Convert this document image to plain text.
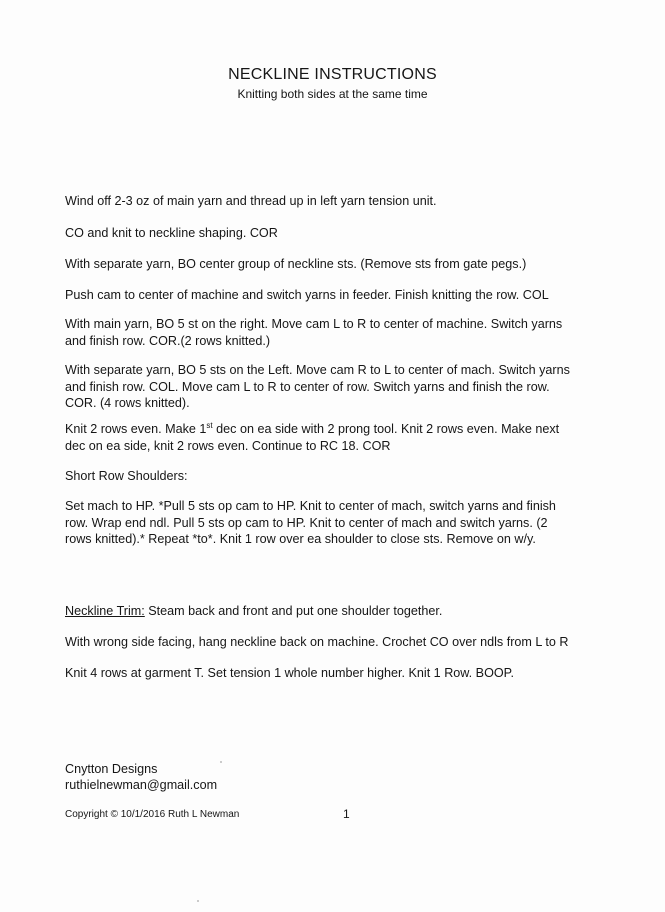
NECKLINE INSTRUCTIONS
Knitting both sides at the same time
Wind off 2-3 oz of main yarn and thread up in left yarn tension unit.
CO and knit to neckline shaping. COR
With separate yarn, BO center group of neckline sts. (Remove sts from gate pegs.)
Push cam to center of machine and switch yarns in feeder. Finish knitting the row. COL
With main yarn, BO 5 st on the right. Move cam L to R to center of machine. Switch yarns
and finish row. COR.(2 rows knitted.)
With separate yarn, BO 5 sts on the Left. Move cam R to L to center of mach. Switch yarns
and finish row. COL. Move cam L to R to center of row. Switch yarns and finish the row.
COR. (4 rows knitted).
Knit 2 rows even. Make 1st dec on ea side with 2 prong tool. Knit 2 rows even. Make next
dec on ea side, knit 2 rows even. Continue to RC 18. COR
Short Row Shoulders:
Set mach to HP. *Pull 5 sts op cam to HP. Knit to center of mach, switch yarns and finish
row. Wrap end ndl. Pull 5 sts op cam to HP. Knit to center of mach and switch yarns. (2
rows knitted).* Repeat *to*. Knit 1 row over ea shoulder to close sts. Remove on w/y.
Neckline Trim: Steam back and front and put one shoulder together.
With wrong side facing, hang neckline back on machine. Crochet CO over ndls from L to R
Knit 4 rows at garment T. Set tension 1 whole number higher. Knit 1 Row. BOOP.
Cnytton Designs
ruthielnewman@gmail.com
Copyright © 10/1/2016 Ruth L Newman	1
